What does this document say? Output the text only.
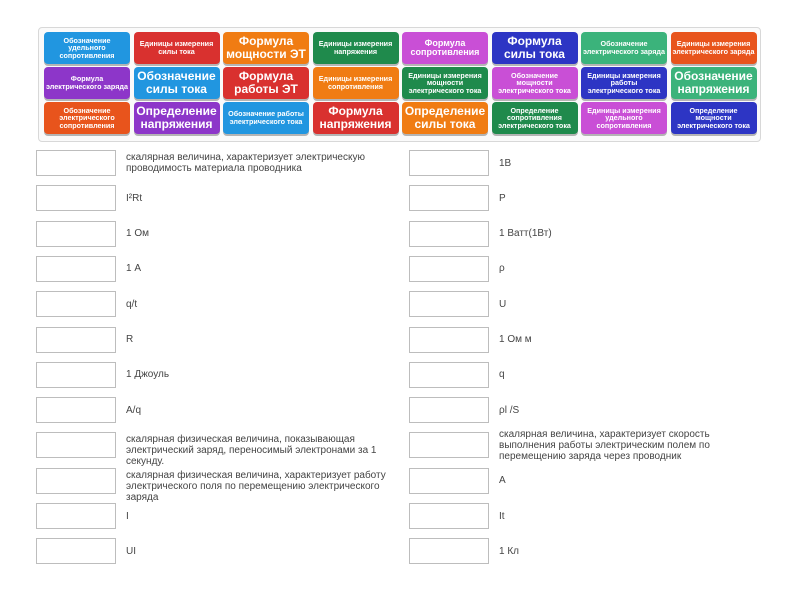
Обозначение удельного сопротивления
Единицы измерения силы тока
Формула мощности ЭТ
Единицы измерения напряжения
Формула сопротивления
Формула силы тока
Обозначение электрического заряда
Единицы измерения электрического заряда
Формула электрического заряда
Обозначение силы тока
Формула работы ЭТ
Единицы измерения сопротивления
Единицы измерения мощности электрического тока
Обозначение мощности электрического тока
Единицы измерения работы электрического тока
Обозначение напряжения
Обозначение электрического сопротивления
Определение напряжения
Обозначение работы электрического тока
Формула напряжения
Определение силы тока
Определение сопротивления электрического тока
Единицы измерения удельного сопротивления
Определение мощности электрического тока
скалярная величина, характеризует электрическую проводимость материала проводника
I²Rt
1 Ом
1 А
q/t
R
1 Джоуль
A/q
скалярная физическая величина, показывающая электрический заряд, переносимый электронами за 1 секунду.
скалярная физическая величина, характеризует работу электрического поля по перемещению электрического заряда
I
UI
1В
P
1 Ватт(1Вт)
ρ
U
1 Ом м
q
ρl /S
скалярная величина, характеризует скорость выполнения работы электрическим полем по перемещению заряда через проводник
A
It
1 Кл
